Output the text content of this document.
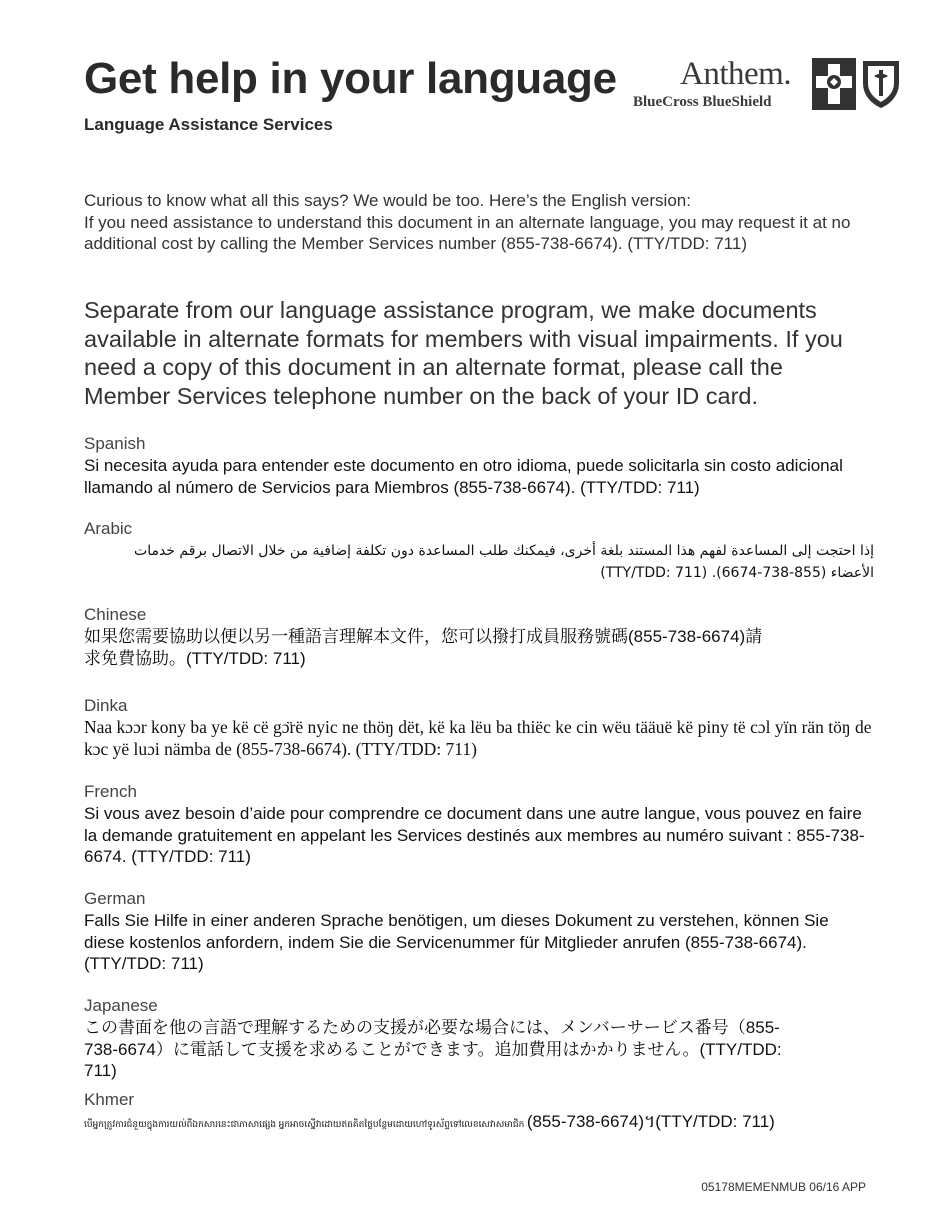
Get help in your language
Language Assistance Services
Anthem.
BlueCross BlueShield

Curious to know what all this says? We would be too. Here’s the English version:

If you need assistance to understand this document in an alternate language, you may request it at no additional cost by calling the Member Services number (855-738-6674). (TTY/TDD: 711)

Separate from our language assistance program, we make documents available in alternate formats for members with visual impairments. If you need a copy of this document in an alternate format, please call the Member Services telephone number on the back of your ID card.

Spanish

Si necesita ayuda para entender este documento en otro idioma, puede solicitarla sin costo adicional llamando al número de Servicios para Miembros (855-738-6674). (TTY/TDD: 711)

Arabic

إذا احتجت إلى المساعدة لفهم هذا المستند بلغة أخرى، فيمكنك طلب المساعدة دون تكلفة إضافية من خلال الاتصال برقم خدمات الأعضاء (855-738-6674). (TTY/TDD: 711)

Chinese

如果您需要協助以便以另一種語言理解本文件，您可以撥打成員服務號碼(855-738-6674)請求免費協助。(TTY/TDD: 711)

Dinka

Naa kɔɔr kony ba ye kë cë gɔ̈rë nyic ne thöŋ dët, kë ka lëu ba thiëc ke cin wëu tääuë kë piny të cɔl yïn rän töŋ de kɔc yë luɔi nämba de (855-738-6674). (TTY/TDD: 711)

French

Si vous avez besoin d’aide pour comprendre ce document dans une autre langue, vous pouvez en faire la demande gratuitement en appelant les Services destinés aux membres au numéro suivant : 855-738-6674. (TTY/TDD: 711)

German

Falls Sie Hilfe in einer anderen Sprache benötigen, um dieses Dokument zu verstehen, können Sie diese kostenlos anfordern, indem Sie die Servicenummer für Mitglieder anrufen (855-738-6674). (TTY/TDD: 711)

Japanese

この書面を他の言語で理解するための支援が必要な場合には、メンバーサービス番号（855-738-6674）に電話して支援を求めることができます。追加費用はかかりません。(TTY/TDD: 711)

Khmer

បើអ្នកត្រូវការជំនួយក្នុងការយល់ពីឯកសារនេះជាភាសាផ្សេង អ្នកអាចស្នើវាដោយឥតគិតថ្លៃបន្ថែមដោយហៅទូរស័ព្ទទៅលេខសេវាសមាជិក (855-738-6674)។(TTY/TDD: 711)

05178MEMENMUB 06/16 APP
